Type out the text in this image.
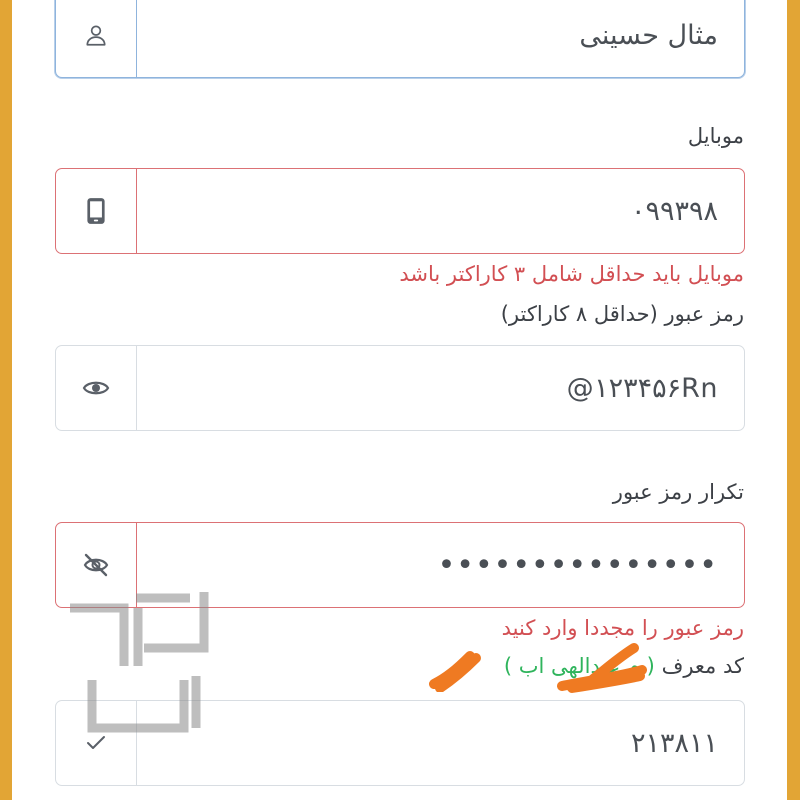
مثال حسینی
موبایل
۰۹۹۳۹۸
موبایل باید حداقل شامل ۳ کاراکتر باشد
رمز عبور (حداقل ۸ کاراکتر)
۱۲۳۴۵۶Rn@
تکرار رمز عبور
•••••••••••••••
رمز عبور را مجددا وارد کنید
کد معرف ( م عبدالهی اب )
۲۱۳۸۱۱
